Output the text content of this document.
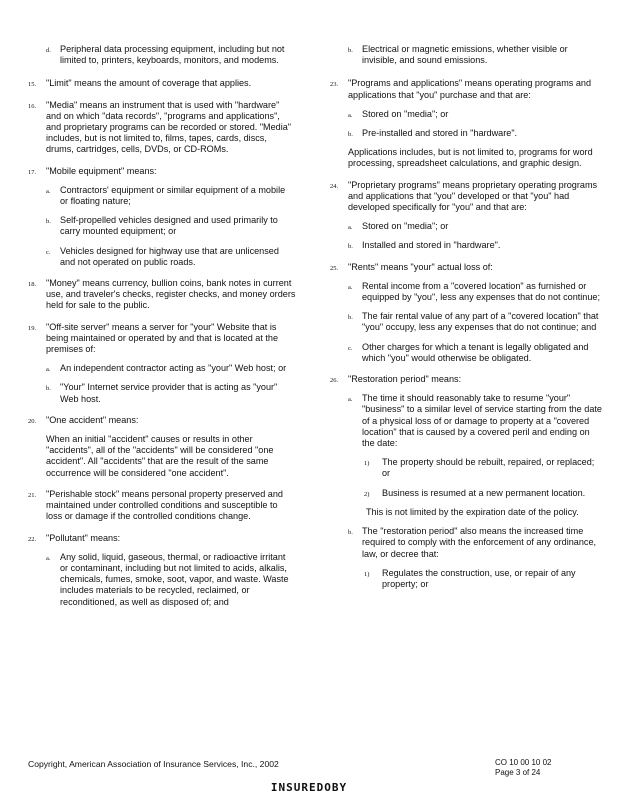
d. Peripheral data processing equipment, including but not limited to, printers, keyboards, monitors, and modems.
15. "Limit" means the amount of coverage that applies.
16. "Media" means an instrument that is used with "hardware" and on which "data records", "programs and applications", and proprietary programs can be recorded or stored. "Media" includes, but is not limited to, films, tapes, cards, discs, drums, cartridges, cells, DVDs, or CD-ROMs.
17. "Mobile equipment" means:
a. Contractors' equipment or similar equipment of a mobile or floating nature;
b. Self-propelled vehicles designed and used primarily to carry mounted equipment; or
c. Vehicles designed for highway use that are unlicensed and not operated on public roads.
18. "Money" means currency, bullion coins, bank notes in current use, and traveler's checks, register checks, and money orders held for sale to the public.
19. "Off-site server" means a server for "your" Website that is being maintained or operated by and that is located at the premises of:
a. An independent contractor acting as "your" Web host; or
b. "Your" Internet service provider that is acting as "your" Web host.
20. "One accident" means:
When an initial "accident" causes or results in other "accidents", all of the "accidents" will be considered "one accident". All "accidents" that are the result of the same occurrence will be considered "one accident".
21. "Perishable stock" means personal property preserved and maintained under controlled conditions and susceptible to loss or damage if the controlled conditions change.
22. "Pollutant" means:
a. Any solid, liquid, gaseous, thermal, or radioactive irritant or contaminant, including but not limited to acids, alkalis, chemicals, fumes, smoke, soot, vapor, and waste. Waste includes materials to be recycled, reclaimed, or reconditioned, as well as disposed of; and
b. Electrical or magnetic emissions, whether visible or invisible, and sound emissions.
23. "Programs and applications" means operating programs and applications that "you" purchase and that are:
a. Stored on "media"; or
b. Pre-installed and stored in "hardware".
Applications includes, but is not limited to, programs for word processing, spreadsheet calculations, and graphic design.
24. "Proprietary programs" means proprietary operating programs and applications that "you" developed or that "you" had developed specifically for "you" and that are:
a. Stored on "media"; or
b. Installed and stored in "hardware".
25. "Rents" means "your" actual loss of:
a. Rental income from a "covered location" as furnished or equipped by "you", less any expenses that do not continue;
b. The fair rental value of any part of a "covered location" that "you" occupy, less any expenses that do not continue; and
c. Other charges for which a tenant is legally obligated and which "you" would otherwise be obligated.
26. "Restoration period" means:
a. The time it should reasonably take to resume "your" "business" to a similar level of service starting from the date of a physical loss of or damage to property at a "covered location" that is caused by a covered peril and ending on the date:
1) The property should be rebuilt, repaired, or replaced; or
2) Business is resumed at a new permanent location.
This is not limited by the expiration date of the policy.
b. The "restoration period" also means the increased time required to comply with the enforcement of any ordinance, law, or decree that:
1) Regulates the construction, use, or repair of any property; or
Copyright, American Association of Insurance Services, Inc., 2002	CO 10 00 10 02
Page 3 of 24
INSUREDOBY
